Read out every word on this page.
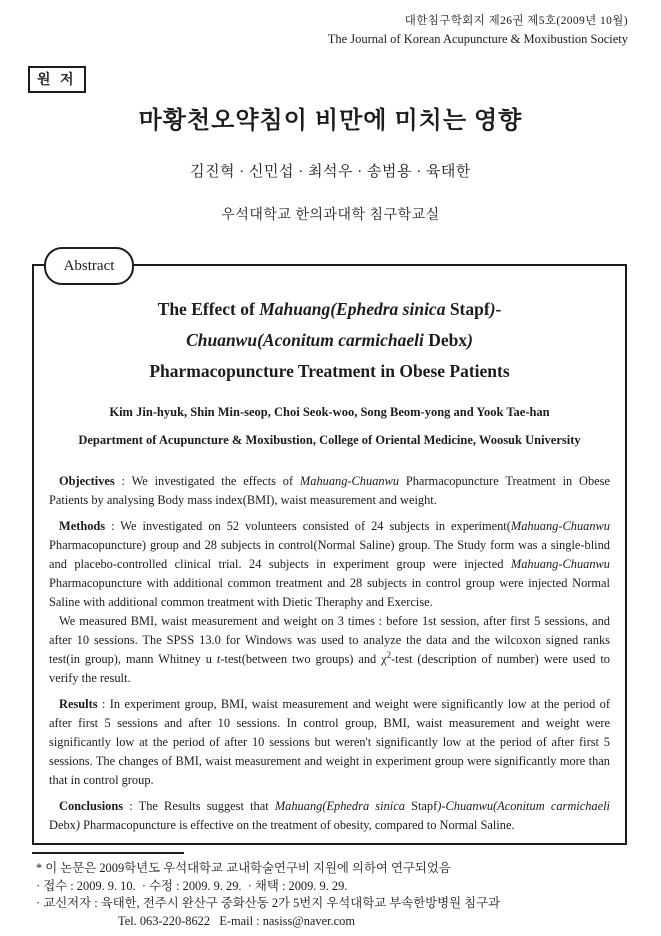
대한침구학회지 제26권 제5호(2009년 10월)
The Journal of Korean Acupuncture & Moxibustion Society
원 저
마황천오약침이 비만에 미치는 영향
김진혁 · 신민섭 · 최석우 · 송범용 · 육태한
우석대학교 한의과대학 침구학교실
Abstract
The Effect of Mahuang(Ephedra sinica Stapf)-
Chuanwu(Aconitum carmichaeli Debx)
Pharmacopuncture Treatment in Obese Patients
Kim Jin-hyuk, Shin Min-seop, Choi Seok-woo, Song Beom-yong and Yook Tae-han
Department of Acupuncture & Moxibustion, College of Oriental Medicine, Woosuk University

Objectives : We investigated the effects of Mahuang-Chuanwu Pharmacopuncture Treatment in Obese Patients by analysing Body mass index(BMI), waist measurement and weight.

Methods : We investigated on 52 volunteers consisted of 24 subjects in experiment(Mahuang-Chuanwu Pharmacopuncture) group and 28 subjects in control(Normal Saline) group. The Study form was a single-blind and placebo-controlled clinical trial. 24 subjects in experiment group were injected Mahuang-Chuanwu Pharmacopuncture with additional common treatment and 28 subjects in control group were injected Normal Saline with additional common treatment with Dietic Theraphy and Exercise.

We measured BMI, waist measurement and weight on 3 times : before 1st session, after first 5 sessions, and after 10 sessions. The SPSS 13.0 for Windows was used to analyze the data and the wilcoxon signed ranks test(in group), mann Whitney u t-test(between two groups) and $\chi^2$-test (description of number) were used to verify the result.

Results : In experiment group, BMI, waist measurement and weight were significantly low at the period of after first 5 sessions and after 10 sessions. In control group, BMI, waist measurement and weight were significantly low at the period of after 10 sessions but weren't significantly low at the period of after first 5 sessions. The changes of BMI, waist measurement and weight in experiment group were significantly more than that in control group.

Conclusions : The Results suggest that Mahuang(Ephedra sinica Stapf)-Chuanwu(Aconitum carmichaeli Debx) Pharmacopuncture is effective on the treatment of obesity, compared to Normal Saline.

* 이 논문은 2009학년도 우석대학교 교내학술연구비 지원에 의하여 연구되었음
· 접수 : 2009. 9. 10.  · 수정 : 2009. 9. 29.  · 채택 : 2009. 9. 29.
· 교신저자 : 육태한, 전주시 완산구 중화산동 2가 5번지 우석대학교 부속한방병원 침구과
Tel. 063-220-8622   E-mail : nasiss@naver.com
